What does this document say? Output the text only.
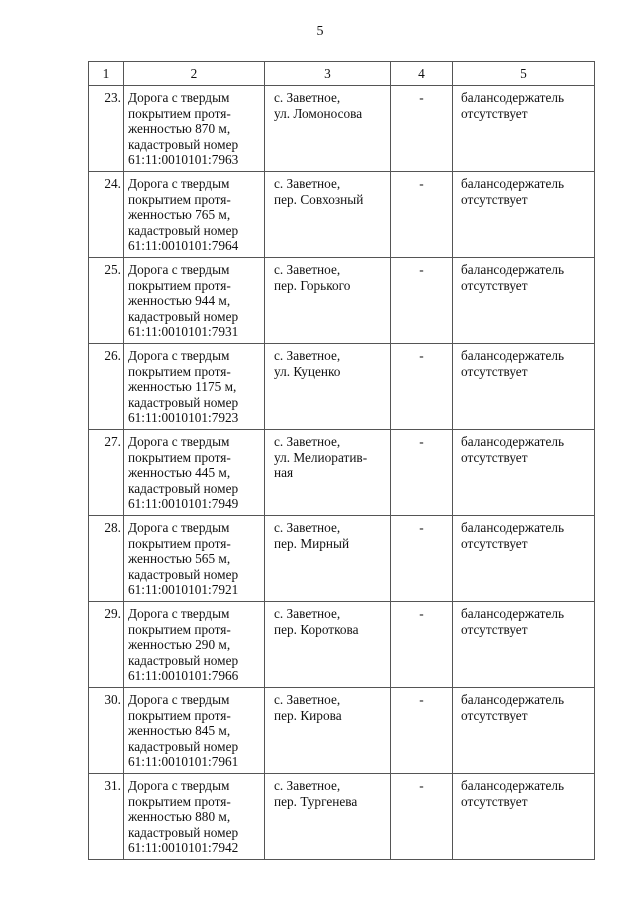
5
1	2	3	4	5
23.	Дорога с твердым
покрытием протя-
женностью 870 м,
кадастровый номер
61:11:0010101:7963	с. Заветное,
ул. Ломоносова	-	балансодержатель
отсутствует

24.	Дорога с твердым
покрытием протя-
женностью 765 м,
кадастровый номер
61:11:0010101:7964	с. Заветное,
пер. Совхозный	-	балансодержатель
отсутствует

25.	Дорога с твердым
покрытием протя-
женностью 944 м,
кадастровый номер
61:11:0010101:7931	с. Заветное,
пер. Горького	-	балансодержатель
отсутствует

26.	Дорога с твердым
покрытием протя-
женностью 1175 м,
кадастровый номер
61:11:0010101:7923	с. Заветное,
ул. Куценко	-	балансодержатель
отсутствует

27.	Дорога с твердым
покрытием протя-
женностью 445 м,
кадастровый номер
61:11:0010101:7949	с. Заветное,
ул. Мелиоратив-
ная	-	балансодержатель
отсутствует

28.	Дорога с твердым
покрытием протя-
женностью 565 м,
кадастровый номер
61:11:0010101:7921	с. Заветное,
пер. Мирный	-	балансодержатель
отсутствует

29.	Дорога с твердым
покрытием протя-
женностью 290 м,
кадастровый номер
61:11:0010101:7966	с. Заветное,
пер. Короткова	-	балансодержатель
отсутствует

30.	Дорога с твердым
покрытием протя-
женностью 845 м,
кадастровый номер
61:11:0010101:7961	с. Заветное,
пер. Кирова	-	балансодержатель
отсутствует

31.	Дорога с твердым
покрытием протя-
женностью 880 м,
кадастровый номер
61:11:0010101:7942	с. Заветное,
пер. Тургенева	-	балансодержатель
отсутствует
